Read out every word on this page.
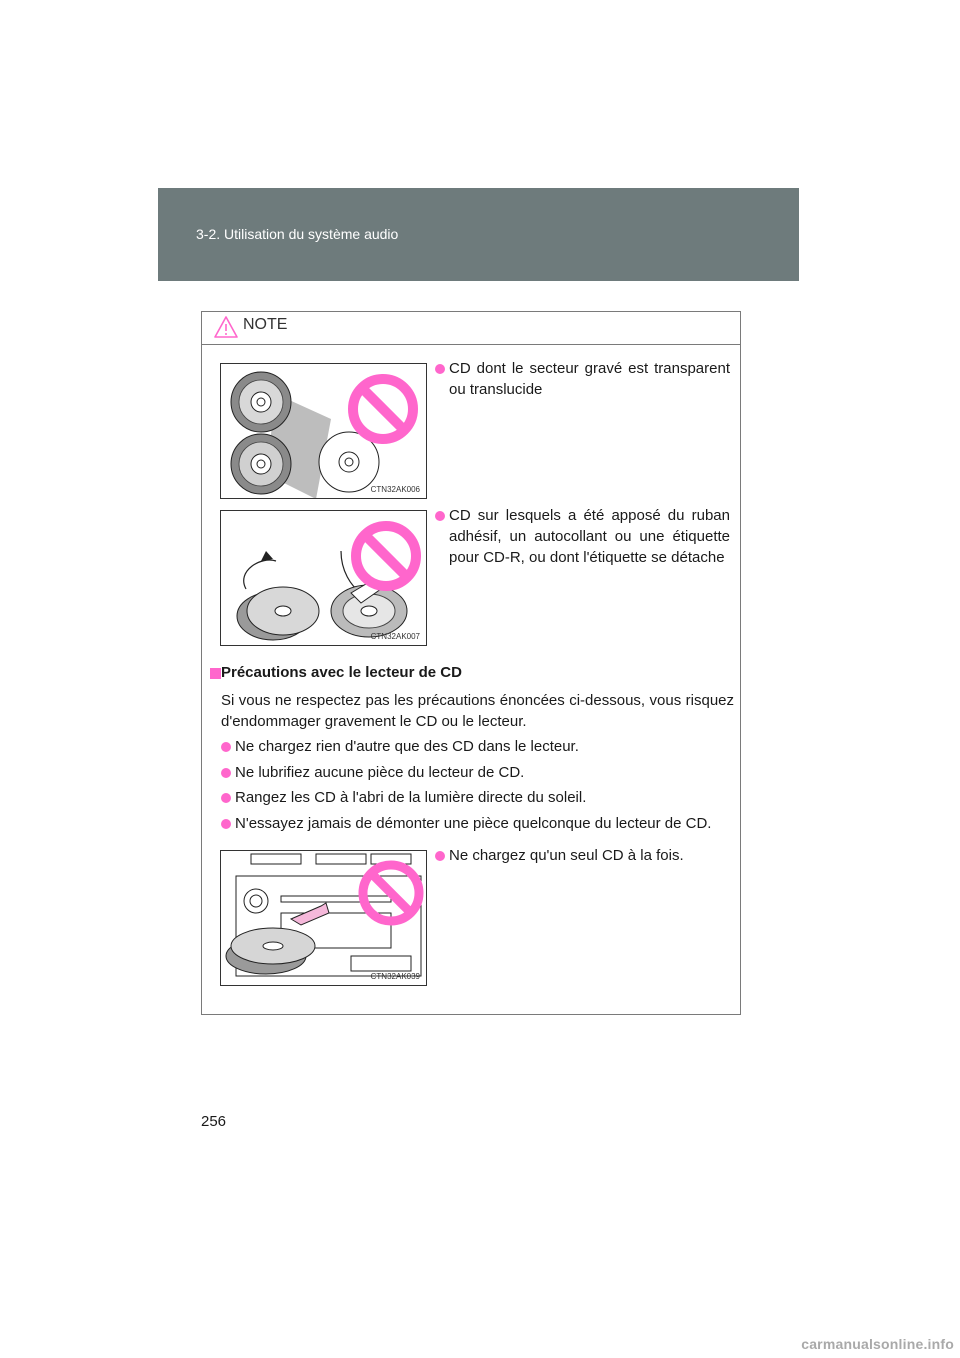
3-2. Utilisation du système audio
NOTE
CTN32AK006
CTN32AK007
CD dont le secteur gravé est transparent ou translucide
CD sur lesquels a été apposé du ruban adhésif, un autocollant ou une étiquette pour CD-R, ou dont l'étiquette se détache
Précautions avec le lecteur de CD
Si vous ne respectez pas les précautions énoncées ci-dessous, vous risquez d'endommager gravement le CD ou le lecteur.
Ne chargez rien d'autre que des CD dans le lecteur.
Ne lubrifiez aucune pièce du lecteur de CD.
Rangez les CD à l'abri de la lumière directe du soleil.
N'essayez jamais de démonter une pièce quelconque du lecteur de CD.
CTN32AK039
Ne chargez qu'un seul CD à la fois.
256
carmanualsonline.info
